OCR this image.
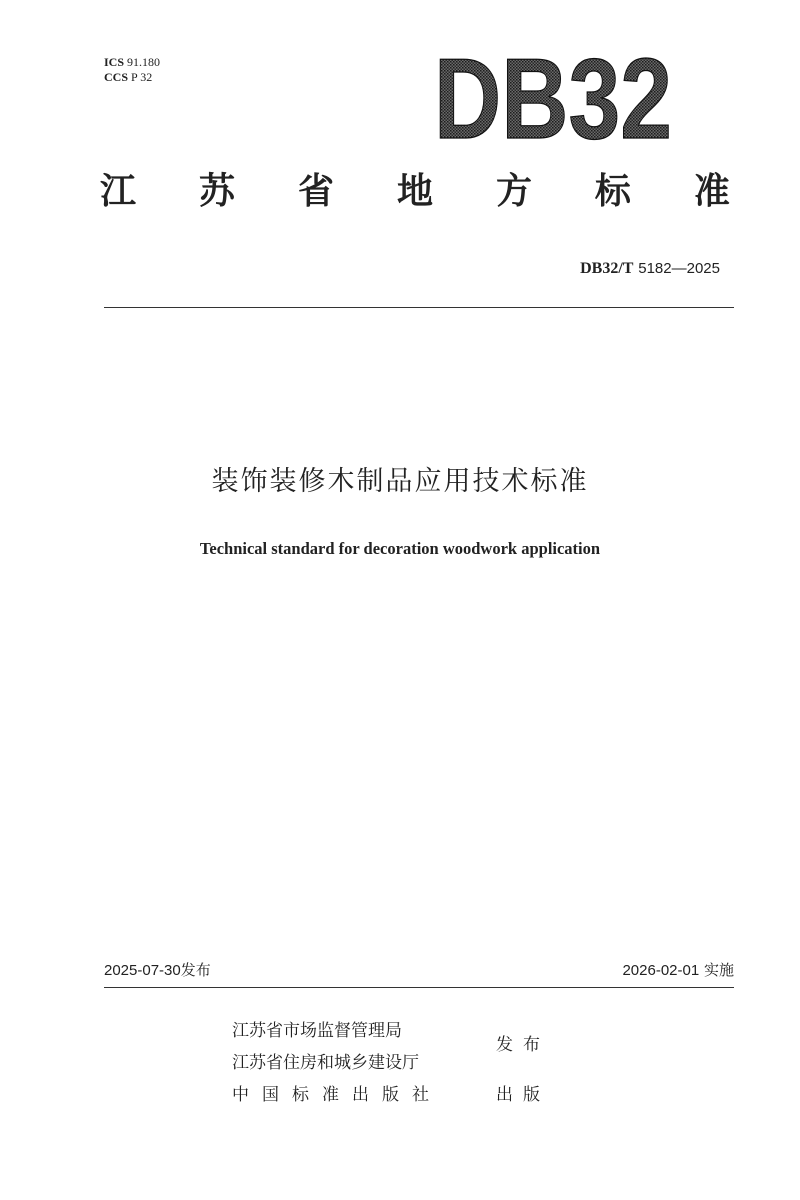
ICS 91.180
CCS P 32 DB32
江 苏 省 地 方 标 准
DB32/T 5182—2025
装饰装修木制品应用技术标准
Technical standard for decoration woodwork application
2025-07-30发布	2026-02-01 实施
江苏省市场监督管理局
江苏省住房和城乡建设厅
中国标准出版社
发布
出版
